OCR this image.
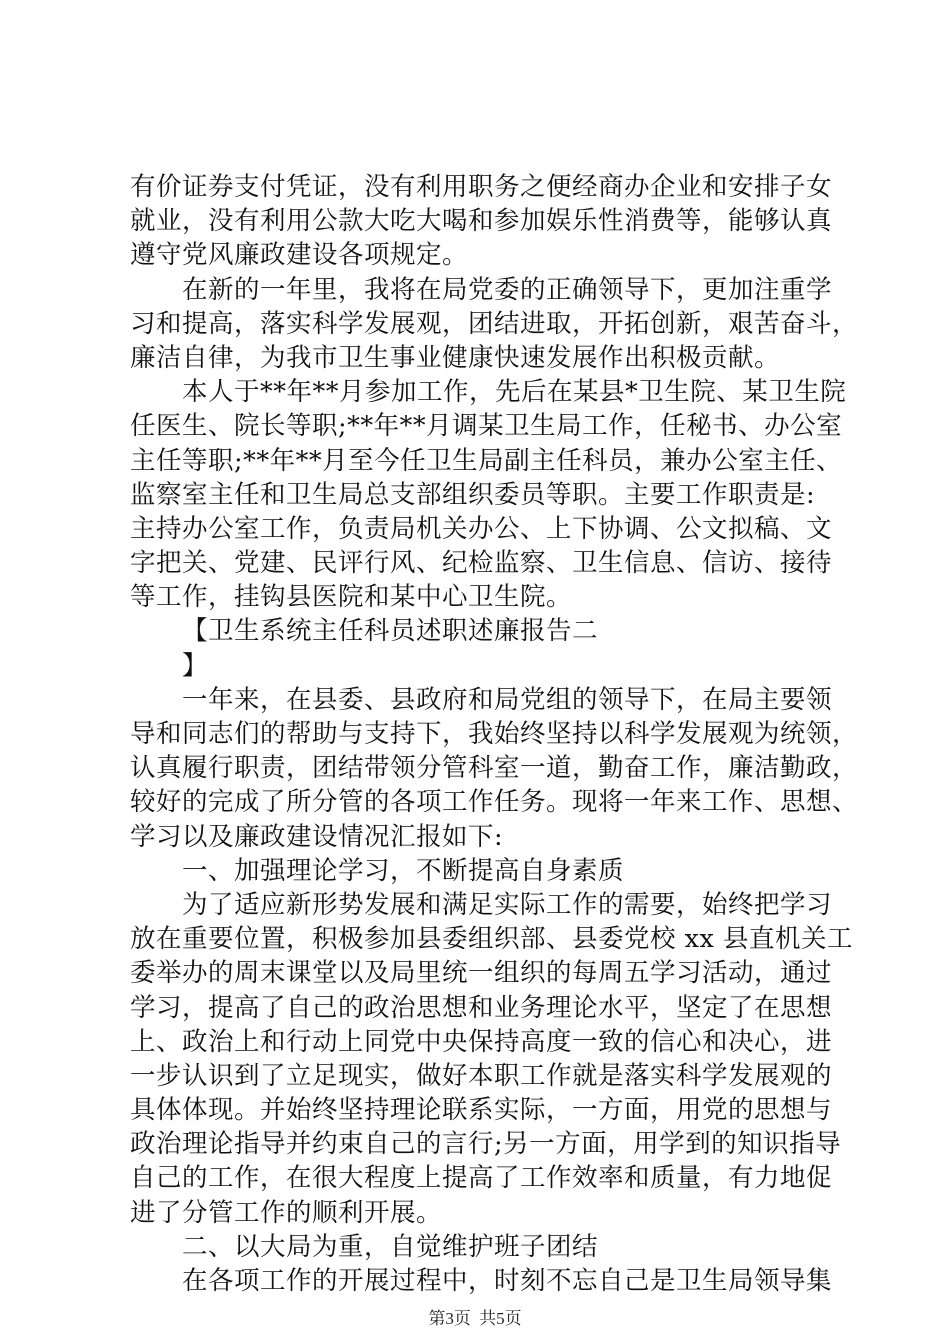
有价证券支付凭证，没有利用职务之便经商办企业和安排子女
就业，没有利用公款大吃大喝和参加娱乐性消费等，能够认真
遵守党风廉政建设各项规定。
在新的一年里，我将在局党委的正确领导下，更加注重学
习和提高，落实科学发展观，团结进取，开拓创新，艰苦奋斗，
廉洁自律，为我市卫生事业健康快速发展作出积极贡献。
本人于**年**月参加工作，先后在某县*卫生院、某卫生院
任医生、院长等职;**年**月调某卫生局工作，任秘书、办公室
主任等职;**年**月至今任卫生局副主任科员，兼办公室主任、
监察室主任和卫生局总支部组织委员等职。主要工作职责是:
主持办公室工作，负责局机关办公、上下协调、公文拟稿、文
字把关、党建、民评行风、纪检监察、卫生信息、信访、接待
等工作，挂钩县医院和某中心卫生院。
【卫生系统主任科员述职述廉报告二
】
一年来，在县委、县政府和局党组的领导下，在局主要领
导和同志们的帮助与支持下，我始终坚持以科学发展观为统领，
认真履行职责，团结带领分管科室一道，勤奋工作，廉洁勤政，
较好的完成了所分管的各项工作任务。现将一年来工作、思想、
学习以及廉政建设情况汇报如下:
一、加强理论学习，不断提高自身素质
为了适应新形势发展和满足实际工作的需要，始终把学习
放在重要位置，积极参加县委组织部、县委党校 xx 县直机关工
委举办的周末课堂以及局里统一组织的每周五学习活动，通过
学习，提高了自己的政治思想和业务理论水平，坚定了在思想
上、政治上和行动上同党中央保持高度一致的信心和决心，进
一步认识到了立足现实，做好本职工作就是落实科学发展观的
具体体现。并始终坚持理论联系实际，一方面，用党的思想与
政治理论指导并约束自己的言行;另一方面，用学到的知识指导
自己的工作，在很大程度上提高了工作效率和质量，有力地促
进了分管工作的顺利开展。
二、以大局为重，自觉维护班子团结
在各项工作的开展过程中，时刻不忘自己是卫生局领导集
第3页 共5页
